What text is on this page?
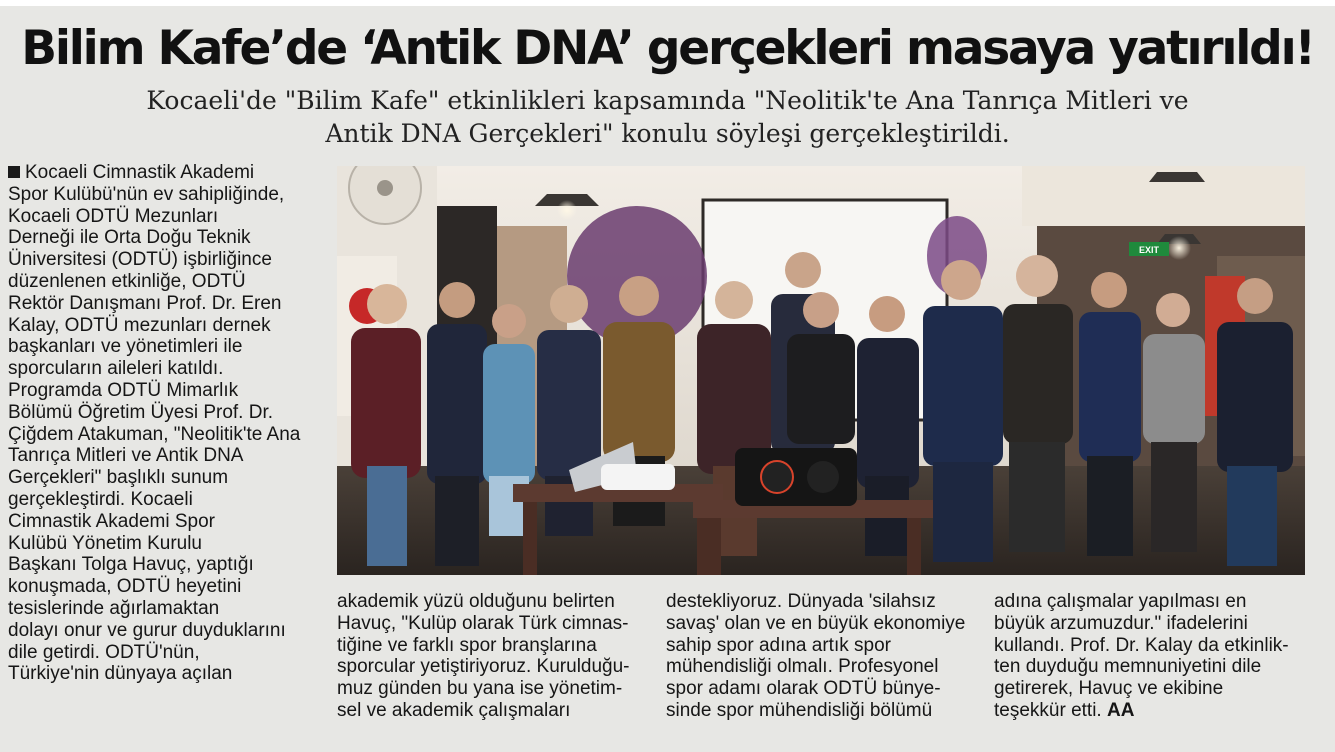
Bilim Kafe’de ‘Antik DNA’ gerçekleri masaya yatırıldı!
Kocaeli'de "Bilim Kafe" etkinlikleri kapsamında "Neolitik'te Ana Tanrıça Mitleri ve
Antik DNA Gerçekleri" konulu söyleşi gerçekleştirildi.
Kocaeli Cimnastik Akademi
Spor Kulübü'nün ev sahipliğinde,
Kocaeli ODTÜ Mezunları
Derneği ile Orta Doğu Teknik
Üniversitesi (ODTÜ) işbirliğince
düzenlenen etkinliğe, ODTÜ
Rektör Danışmanı Prof. Dr. Eren
Kalay, ODTÜ mezunları dernek
başkanları ve yönetimleri ile
sporcuların aileleri katıldı.
Programda ODTÜ Mimarlık
Bölümü Öğretim Üyesi Prof. Dr.
Çiğdem Atakuman, "Neolitik'te Ana
Tanrıça Mitleri ve Antik DNA
Gerçekleri" başlıklı sunum
gerçekleştirdi. Kocaeli
Cimnastik Akademi Spor
Kulübü Yönetim Kurulu
Başkanı Tolga Havuç, yaptığı
konuşmada, ODTÜ heyetini
tesislerinde ağırlamaktan
dolayı onur ve gurur duyduklarını
dile getirdi. ODTÜ'nün,
Türkiye'nin dünyaya açılan
EXIT
akademik yüzü olduğunu belirten
Havuç, "Kulüp olarak Türk cimnas-
tiğine ve farklı spor branşlarına
sporcular yetiştiriyoruz. Kurulduğu-
muz günden bu yana ise yönetim-
sel ve akademik çalışmaları
destekliyoruz. Dünyada 'silahsız
savaş' olan ve en büyük ekonomiye
sahip spor adına artık spor
mühendisliği olmalı. Profesyonel
spor adamı olarak ODTÜ bünye-
sinde spor mühendisliği bölümü
adına çalışmalar yapılması en
büyük arzumuzdur." ifadelerini
kullandı. Prof. Dr. Kalay da etkinlik-
ten duyduğu memnuniyetini dile
getirerek, Havuç ve ekibine
teşekkür etti. AA
